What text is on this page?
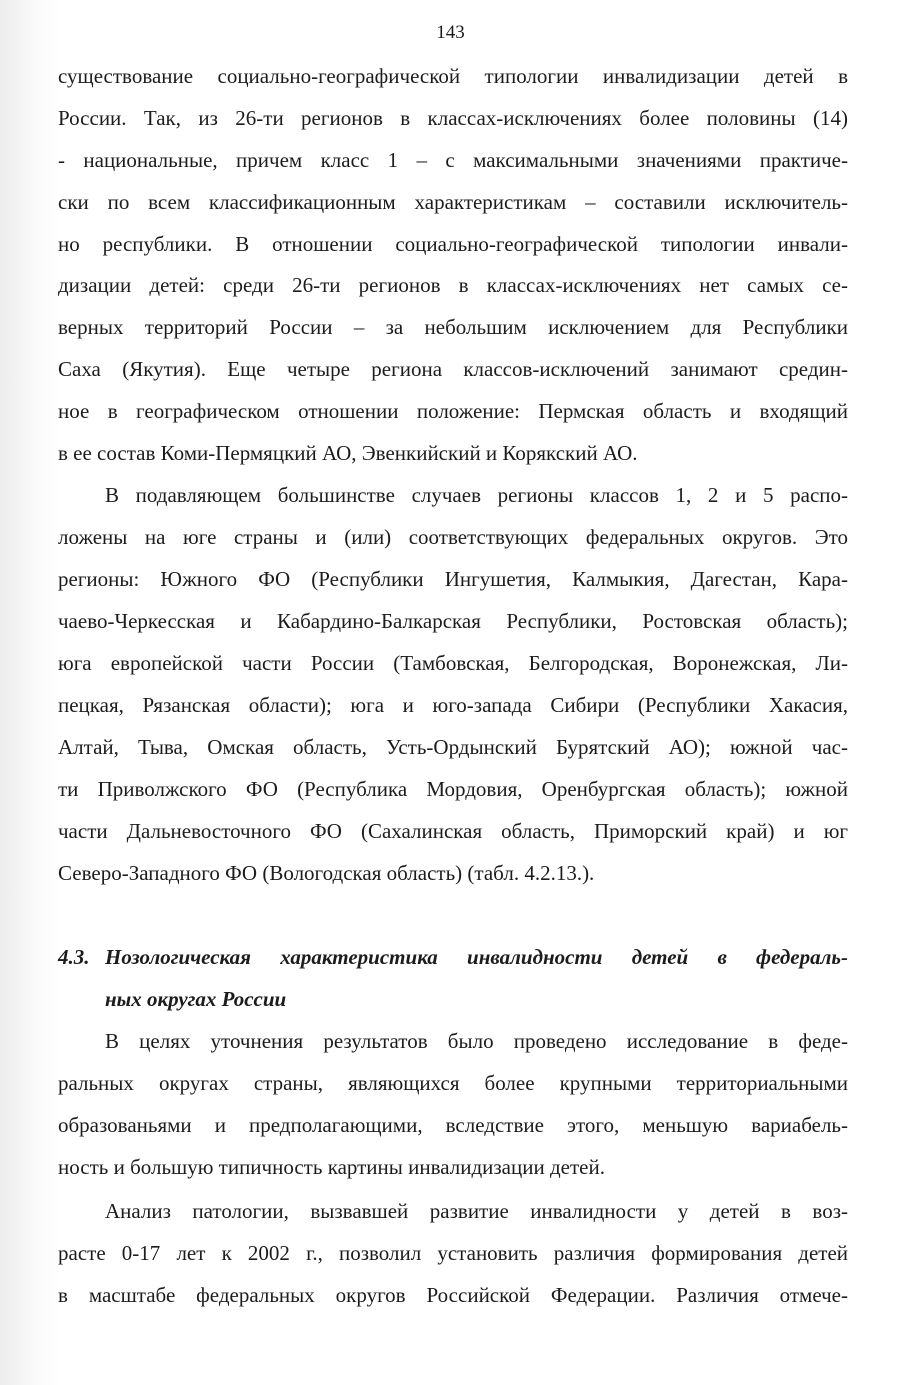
143
существование социально-географической типологии инвалидизации детей в
России. Так, из 26-ти регионов в классах-исключениях более половины (14)
- национальные, причем класс 1 – с максимальными значениями практиче-
ски по всем классификационным характеристикам – составили исключитель-
но республики. В отношении социально-географической типологии инвали-
дизации детей: среди 26-ти регионов в классах-исключениях нет самых се-
верных территорий России – за небольшим исключением для Республики
Саха (Якутия). Еще четыре региона классов-исключений занимают средин-
ное в географическом отношении положение: Пермская область и входящий
в ее состав Коми-Пермяцкий АО, Эвенкийский и Корякский АО.
В подавляющем большинстве случаев регионы классов 1, 2 и 5 распо-
ложены на юге страны и (или) соответствующих федеральных округов. Это
регионы: Южного ФО (Республики Ингушетия, Калмыкия, Дагестан, Кара-
чаево-Черкесская и Кабардино-Балкарская Республики, Ростовская область);
юга европейской части России (Тамбовская, Белгородская, Воронежская, Ли-
пецкая, Рязанская области); юга и юго-запада Сибири (Республики Хакасия,
Алтай, Тыва, Омская область, Усть-Ордынский Бурятский АО); южной час-
ти Приволжского ФО (Республика Мордовия, Оренбургская область); южной
части Дальневосточного ФО (Сахалинская область, Приморский край) и юг
Северо-Западного ФО (Вологодская область) (табл. 4.2.13.).
4.3. Нозологическая характеристика инвалидности детей в федераль-
ных округах России
В целях уточнения результатов было проведено исследование в феде-
ральных округах страны, являющихся более крупными территориальными
образованьями и предполагающими, вследствие этого, меньшую вариабель-
ность и большую типичность картины инвалидизации детей.
Анализ патологии, вызвавшей развитие инвалидности у детей в воз-
расте 0-17 лет к 2002 г., позволил установить различия формирования детей
в масштабе федеральных округов Российской Федерации. Различия отмече-
